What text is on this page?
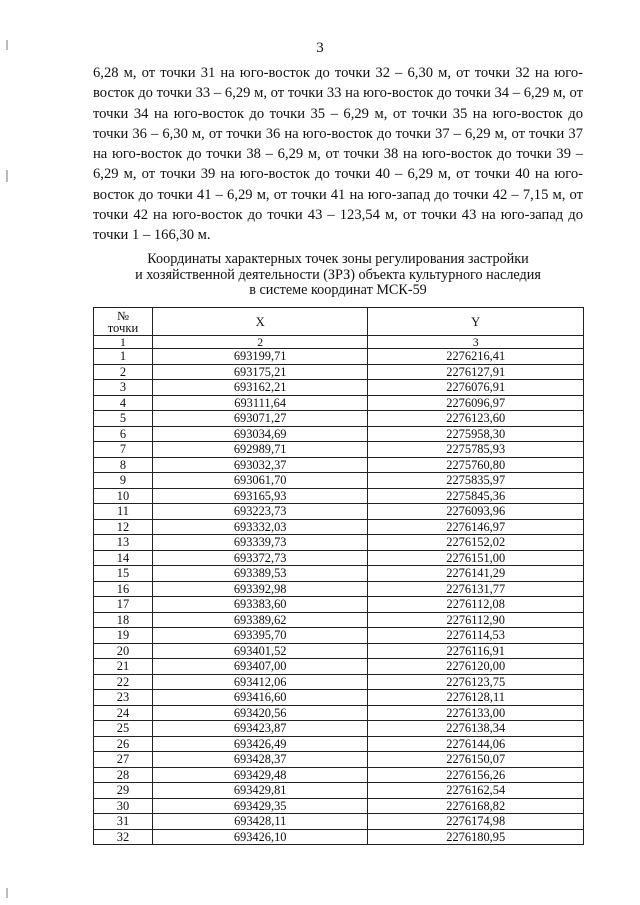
3

6,28 м, от точки 31 на юго-восток до точки 32 – 6,30 м, от точки 32 на юго-восток до точки 33 – 6,29 м, от точки 33 на юго-восток до точки 34 – 6,29 м, от точки 34 на юго-восток до точки 35 – 6,29 м, от точки 35 на юго-восток до точки 36 – 6,30 м, от точки 36 на юго-восток до точки 37 – 6,29 м, от точки 37 на юго-восток до точки 38 – 6,29 м, от точки 38 на юго-восток до точки 39 – 6,29 м, от точки 39 на юго-восток до точки 40 – 6,29 м, от точки 40 на юго-восток до точки 41 – 6,29 м, от точки 41 на юго-запад до точки 42 – 7,15 м, от точки 42 на юго-восток до точки 43 – 123,54 м, от точки 43 на юго-запад до точки 1 – 166,30 м.

Координаты характерных точек зоны регулирования застройки
и хозяйственной деятельности (ЗРЗ) объекта культурного наследия
в системе координат МСК-59
№
точки	X	Y
1	2	3
1	693199,71	2276216,41
2	693175,21	2276127,91
3	693162,21	2276076,91
4	693111,64	2276096,97
5	693071,27	2276123,60
6	693034,69	2275958,30
7	692989,71	2275785,93
8	693032,37	2275760,80
9	693061,70	2275835,97
10	693165,93	2275845,36
11	693223,73	2276093,96
12	693332,03	2276146,97
13	693339,73	2276152,02
14	693372,73	2276151,00
15	693389,53	2276141,29
16	693392,98	2276131,77
17	693383,60	2276112,08
18	693389,62	2276112,90
19	693395,70	2276114,53
20	693401,52	2276116,91
21	693407,00	2276120,00
22	693412,06	2276123,75
23	693416,60	2276128,11
24	693420,56	2276133,00
25	693423,87	2276138,34
26	693426,49	2276144,06
27	693428,37	2276150,07
28	693429,48	2276156,26
29	693429,81	2276162,54
30	693429,35	2276168,82
31	693428,11	2276174,98
32	693426,10	2276180,95
